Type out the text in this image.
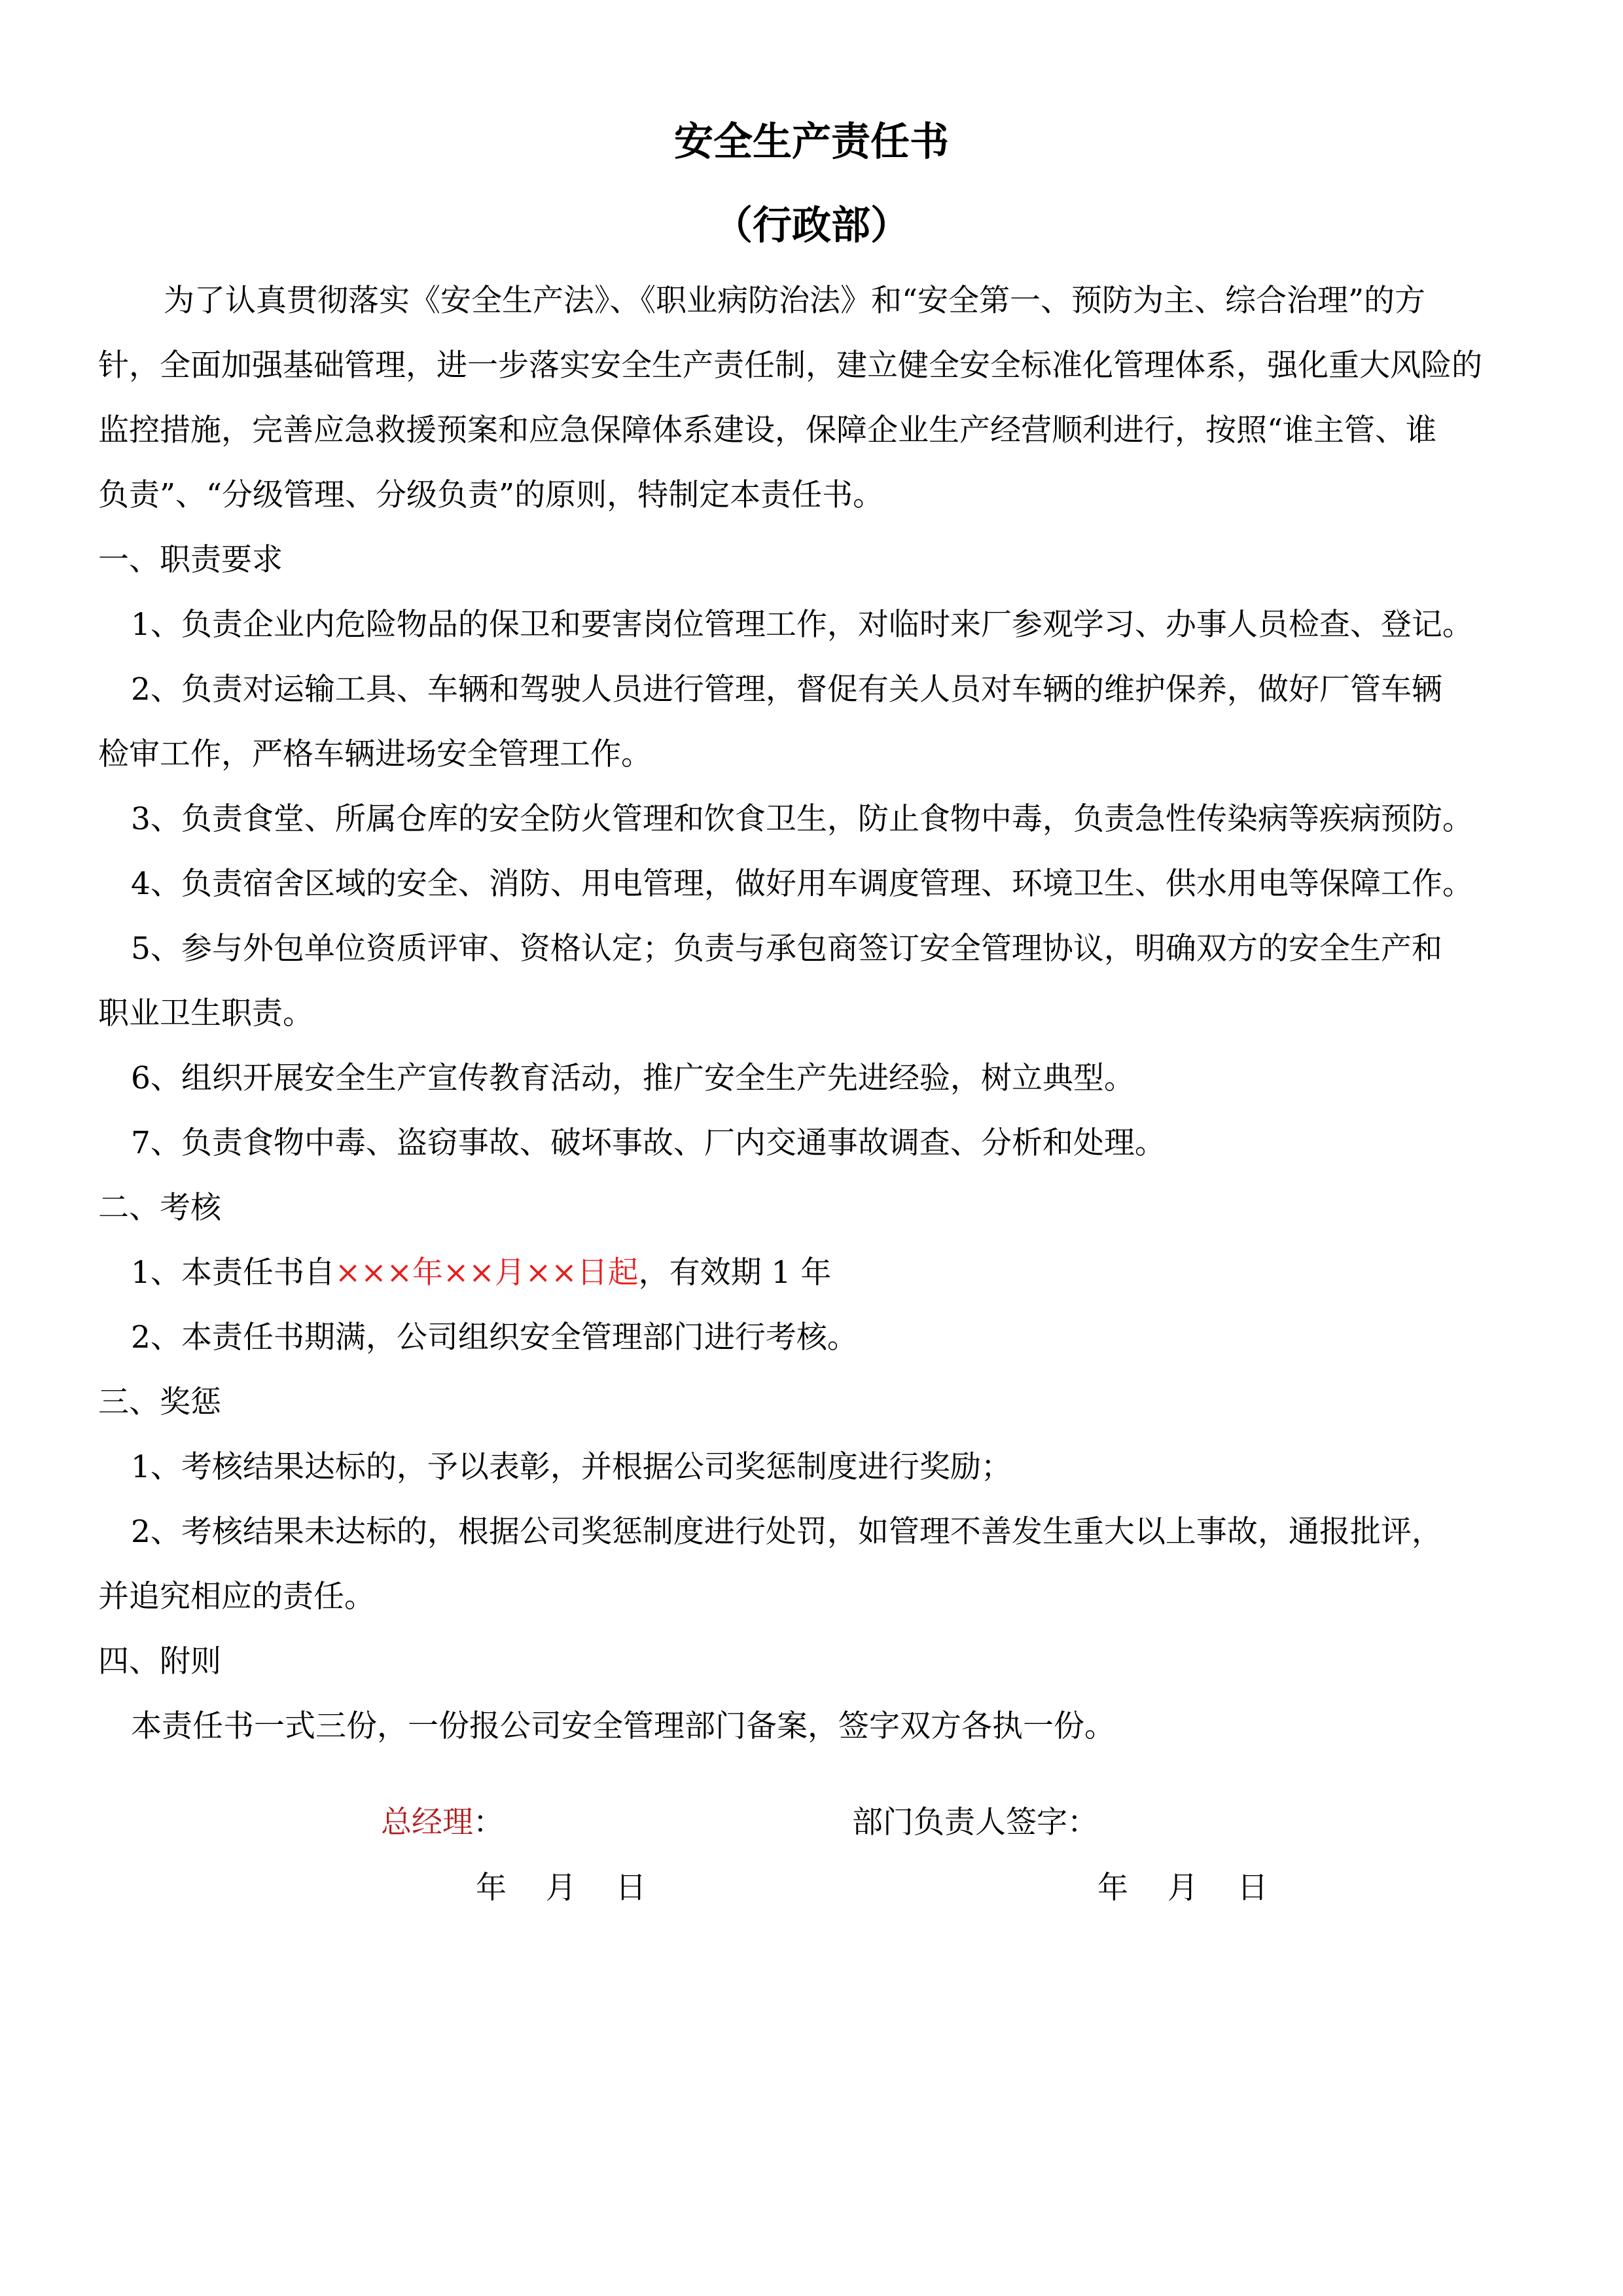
安全生产责任书
（行政部）

为了认真贯彻落实《安全生产法》、《职业病防治法》和“安全第一、预防为主、综合治理”的方

针，全面加强基础管理，进一步落实安全生产责任制，建立健全安全标准化管理体系，强化重大风险的

监控措施，完善应急救援预案和应急保障体系建设，保障企业生产经营顺利进行，按照“谁主管、谁

负责”、“分级管理、分级负责”的原则，特制定本责任书。

一、职责要求

1、负责企业内危险物品的保卫和要害岗位管理工作，对临时来厂参观学习、办事人员检查、登记。

2、负责对运输工具、车辆和驾驶人员进行管理，督促有关人员对车辆的维护保养，做好厂管车辆

检审工作，严格车辆进场安全管理工作。

3、负责食堂、所属仓库的安全防火管理和饮食卫生，防止食物中毒，负责急性传染病等疾病预防。

4、负责宿舍区域的安全、消防、用电管理，做好用车调度管理、环境卫生、供水用电等保障工作。

5、参与外包单位资质评审、资格认定；负责与承包商签订安全管理协议，明确双方的安全生产和

职业卫生职责。

6、组织开展安全生产宣传教育活动，推广安全生产先进经验，树立典型。

7、负责食物中毒、盗窃事故、破坏事故、厂内交通事故调查、分析和处理。

二、考核

1、本责任书自×××年××月××日起，有效期 1 年

2、本责任书期满，公司组织安全管理部门进行考核。

三、奖惩

1、考核结果达标的，予以表彰，并根据公司奖惩制度进行奖励；

2、考核结果未达标的，根据公司奖惩制度进行处罚，如管理不善发生重大以上事故，通报批评，

并追究相应的责任。

四、附则

本责任书一式三份，一份报公司安全管理部门备案，签字双方各执一份。

总经理：	部门负责人签字：
年    月    日	年    月    日
